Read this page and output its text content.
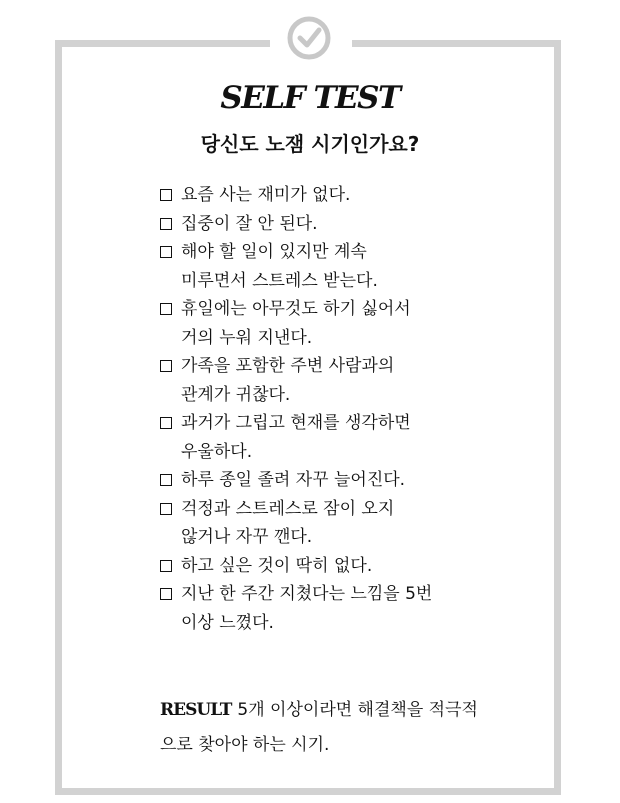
SELF TEST
당신도 노잼 시기인가요?
요즘 사는 재미가 없다.
집중이 잘 안 된다.
해야 할 일이 있지만 계속
미루면서 스트레스 받는다.
휴일에는 아무것도 하기 싫어서
거의 누워 지낸다.
가족을 포함한 주변 사람과의
관계가 귀찮다.
과거가 그립고 현재를 생각하면
우울하다.
하루 종일 졸려 자꾸 늘어진다.
걱정과 스트레스로 잠이 오지
않거나 자꾸 깬다.
하고 싶은 것이 딱히 없다.
지난 한 주간 지쳤다는 느낌을 5번
이상 느꼈다.
RESULT 5개 이상이라면 해결책을 적극적으로 찾아야 하는 시기.
